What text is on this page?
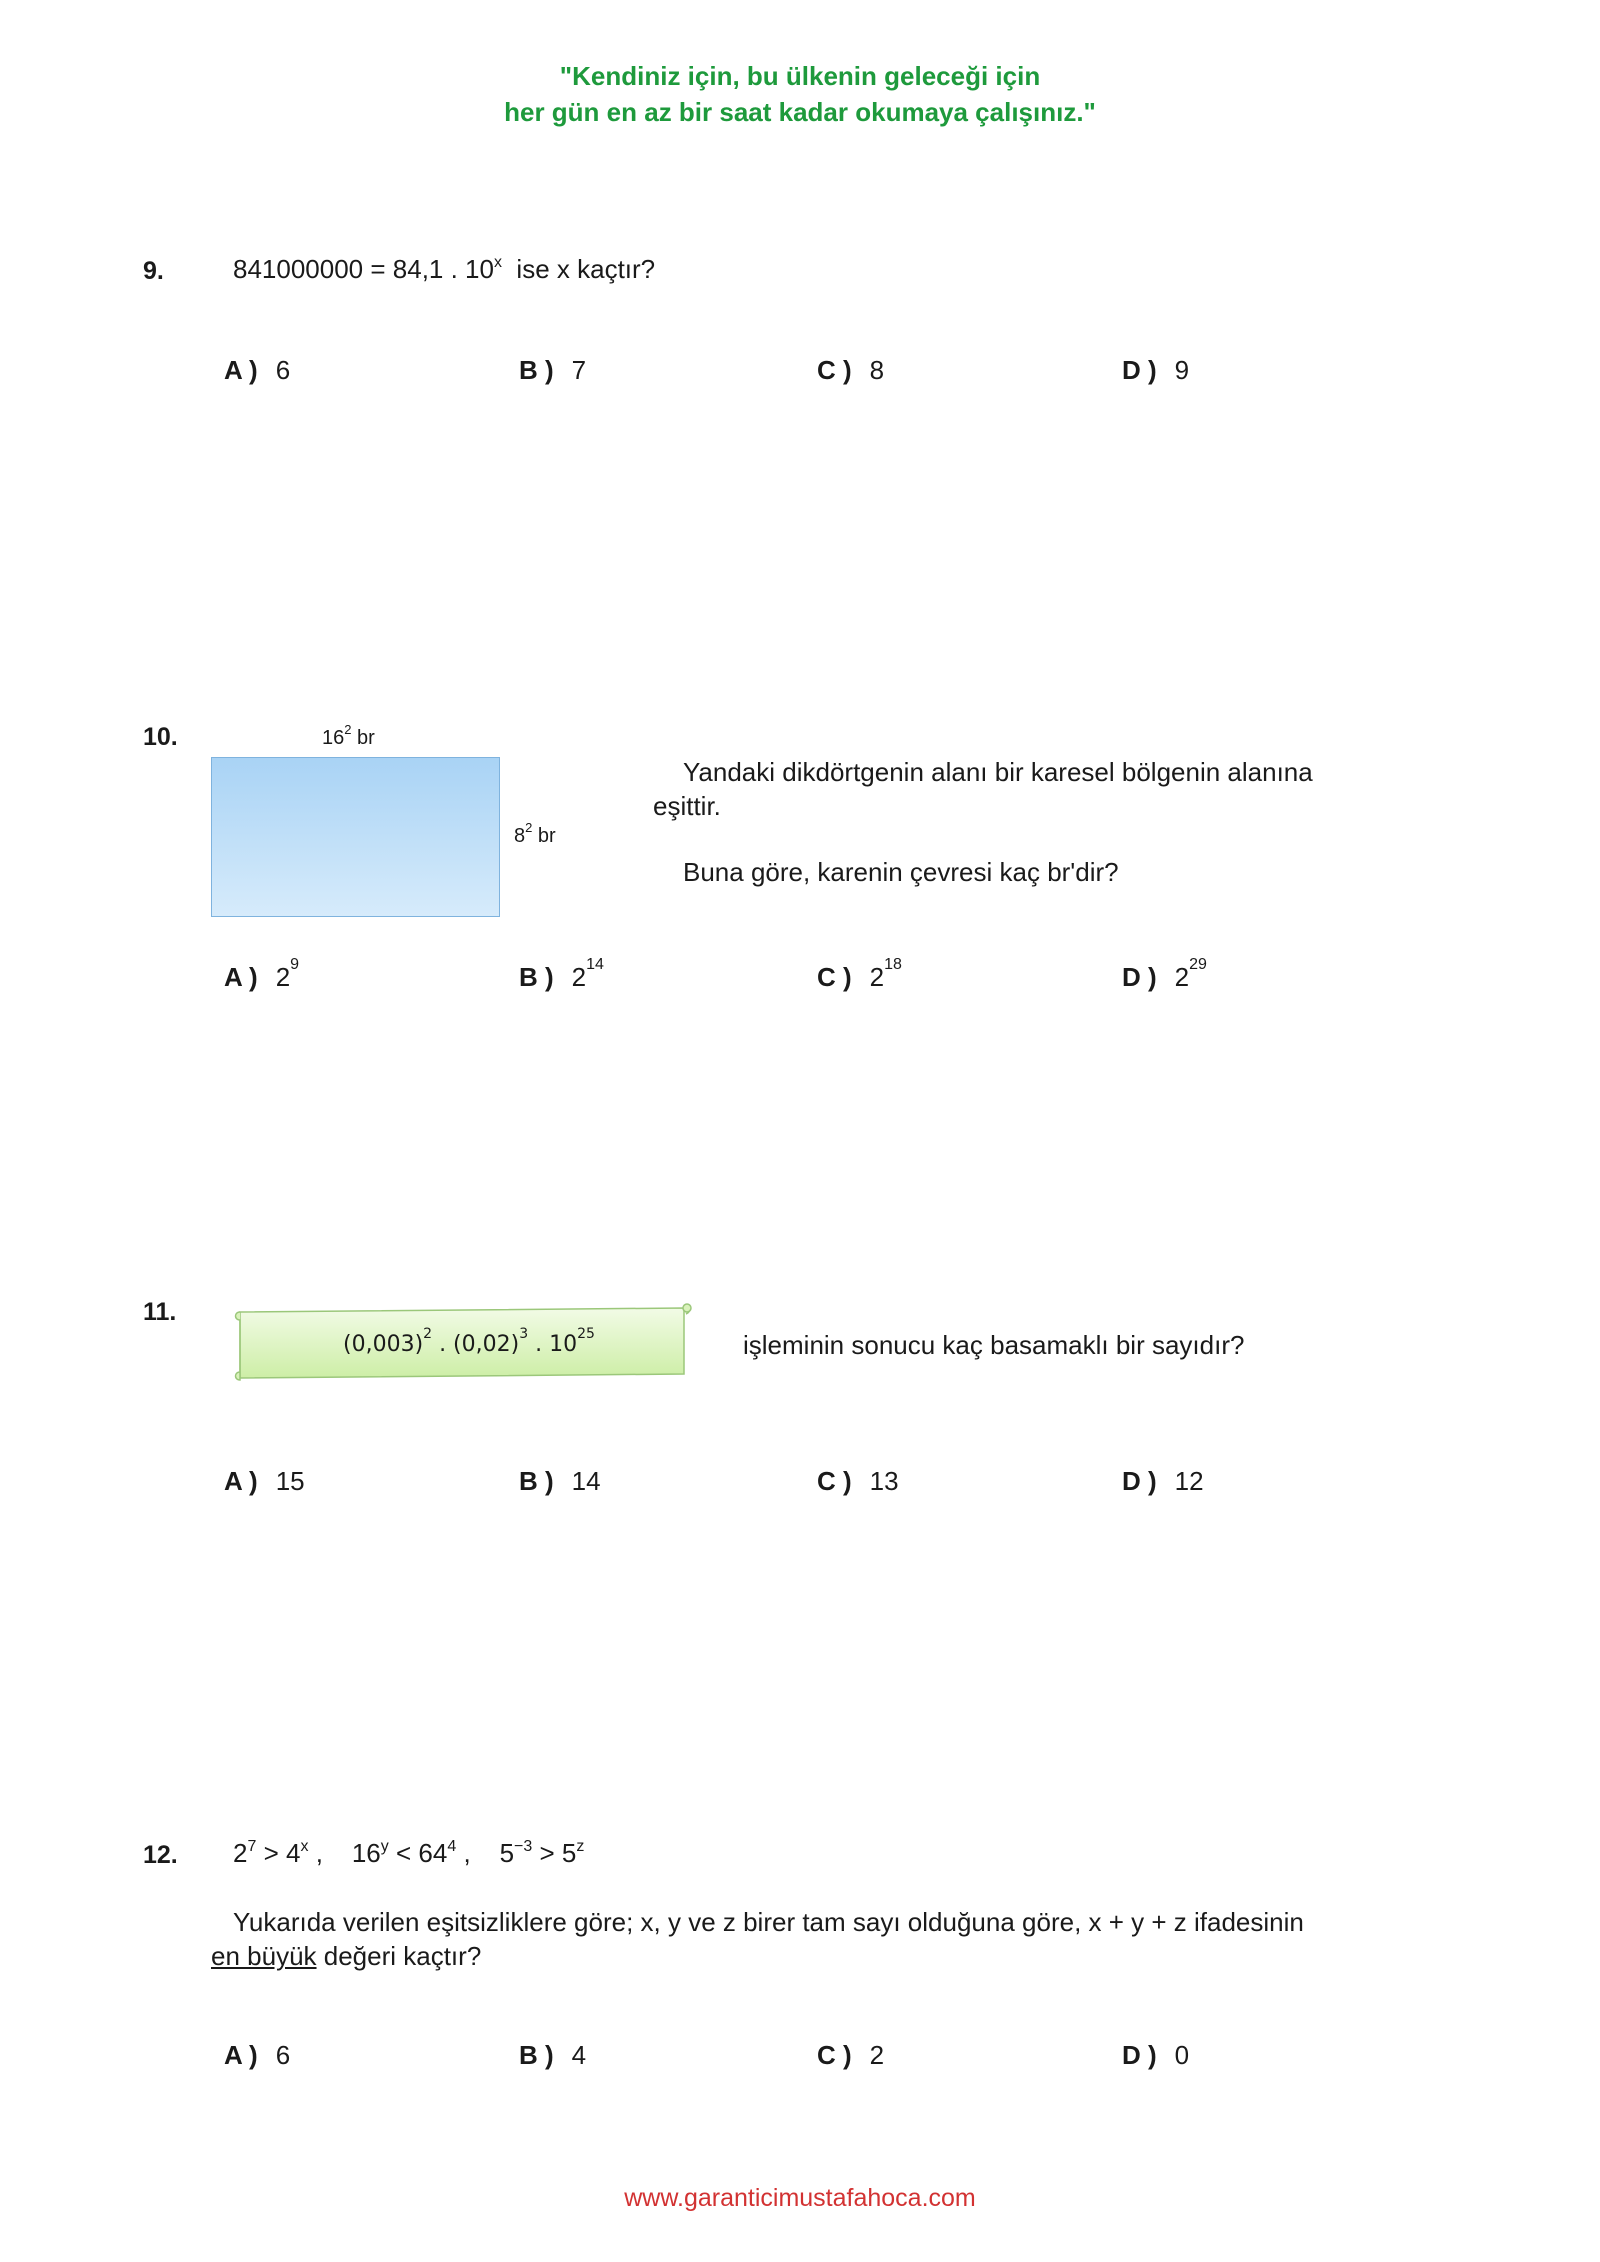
"Kendiniz için, bu ülkenin geleceği için
her gün en az bir saat kadar okumaya çalışınız."
9.	841000000 = 84,1 . 10$^x$ ise x kaçtır?
A ) 6	B ) 7	C ) 8	D ) 9
10.	$16^2$ br
$8^2$ br
Yandaki dikdörtgenin alanı bir karesel bölgenin alanına
eşittir.
Buna göre, karenin çevresi kaç br'dir?
A ) $2^9$	B ) $2^{14}$	C ) $2^{18}$	D ) $2^{29}$
11.
$(0,003)^2$ . $(0,02)^3$ . $10^{25}$	işleminin sonucu kaç basamaklı bir sayıdır?
A ) 15	B ) 14	C ) 13	D ) 12
12. $2^7 > 4^x$ , $16^y < 64^4$ , $5^{-3} > 5^z$
Yukarıda verilen eşitsizliklere göre; x, y ve z birer tam sayı olduğuna göre, x + y + z ifadesinin
en büyük değeri kaçtır?
A ) 6	B ) 4	C ) 2	D ) 0
www.garanticimustafahoca.com
